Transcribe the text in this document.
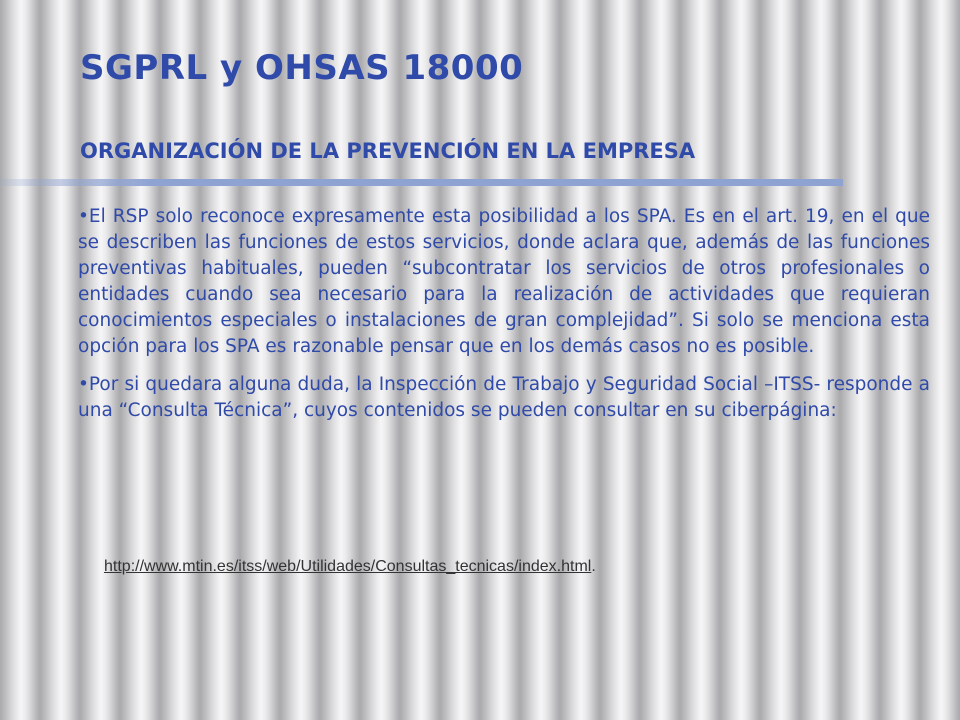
SGPRL y OHSAS 18000
ORGANIZACIÓN DE LA PREVENCIÓN EN LA EMPRESA

• El RSP solo reconoce expresamente esta posibilidad a los SPA. Es en el art. 19, en el que se describen las funciones de estos servicios, donde aclara que, además de las funciones preventivas habituales, pueden “subcontratar los servicios de otros profesionales o entidades cuando sea necesario para la realización de actividades que requieran conocimientos especiales o instalaciones de gran complejidad”. Si solo se menciona esta opción para los SPA es razonable pensar que en los demás casos no es posible.

• Por si quedara alguna duda, la Inspección de Trabajo y Seguridad Social –ITSS- responde a una “Consulta Técnica”, cuyos contenidos se pueden consultar en su ciberpágina:

http://www.mtin.es/itss/web/Utilidades/Consultas_tecnicas/index.html.
